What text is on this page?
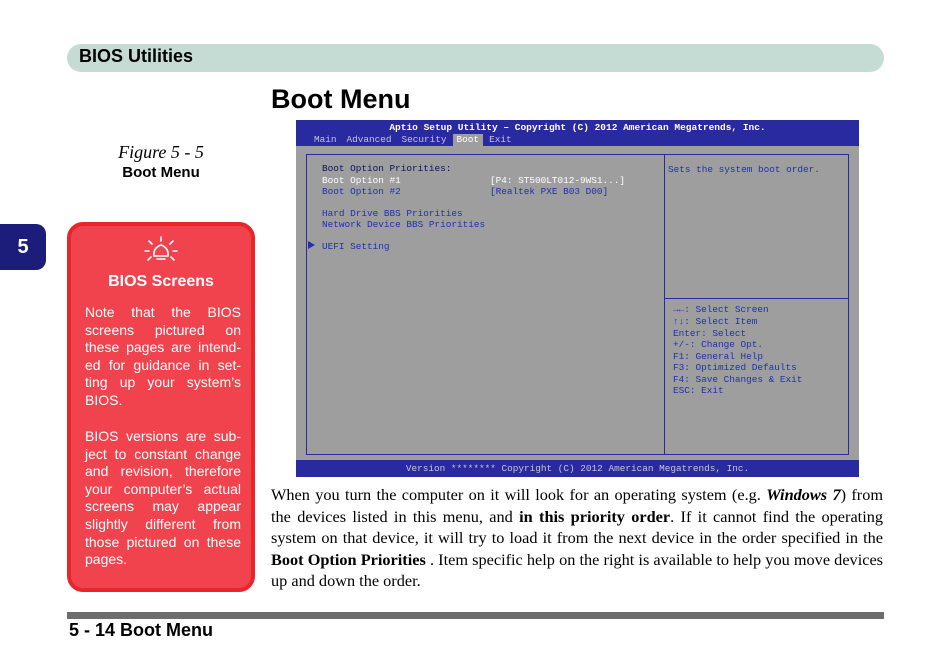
BIOS Utilities
5
Boot Menu
Figure 5 - 5
Boot Menu
BIOS Screens
Note that the BIOS screens pictured on these pages are intend-ed for guidance in set-ting up your system’s BIOS.
BIOS versions are sub-ject to constant change and revision, therefore your computer’s actual screens may appear slightly different from those pictured on these pages.
Aptio Setup Utility – Copyright (C) 2012 American Megatrends, Inc.
Main	Advanced	Security	Boot	Exit
Boot Option Priorities:
Boot Option #1	[P4: ST500LT012-9WS1...]
Boot Option #2	[Realtek PXE B03 D00]
Hard Drive BBS Priorities
Network Device BBS Priorities
UEFI Setting
Sets the system boot order.
→←: Select Screen
↑↓: Select Item
Enter: Select
+/-: Change Opt.
F1: General Help
F3: Optimized Defaults
F4: Save Changes & Exit
ESC: Exit
Version ******** Copyright (C) 2012 American Megatrends, Inc.
When you turn the computer on it will look for an operating system (e.g. Windows 7) from the devices listed in this menu, and in this priority order. If it cannot find the operating system on that device, it will try to load it from the next device in the order specified in the Boot Option Priorities . Item specific help on the right is available to help you move devices up and down the order.
5 - 14 Boot Menu
